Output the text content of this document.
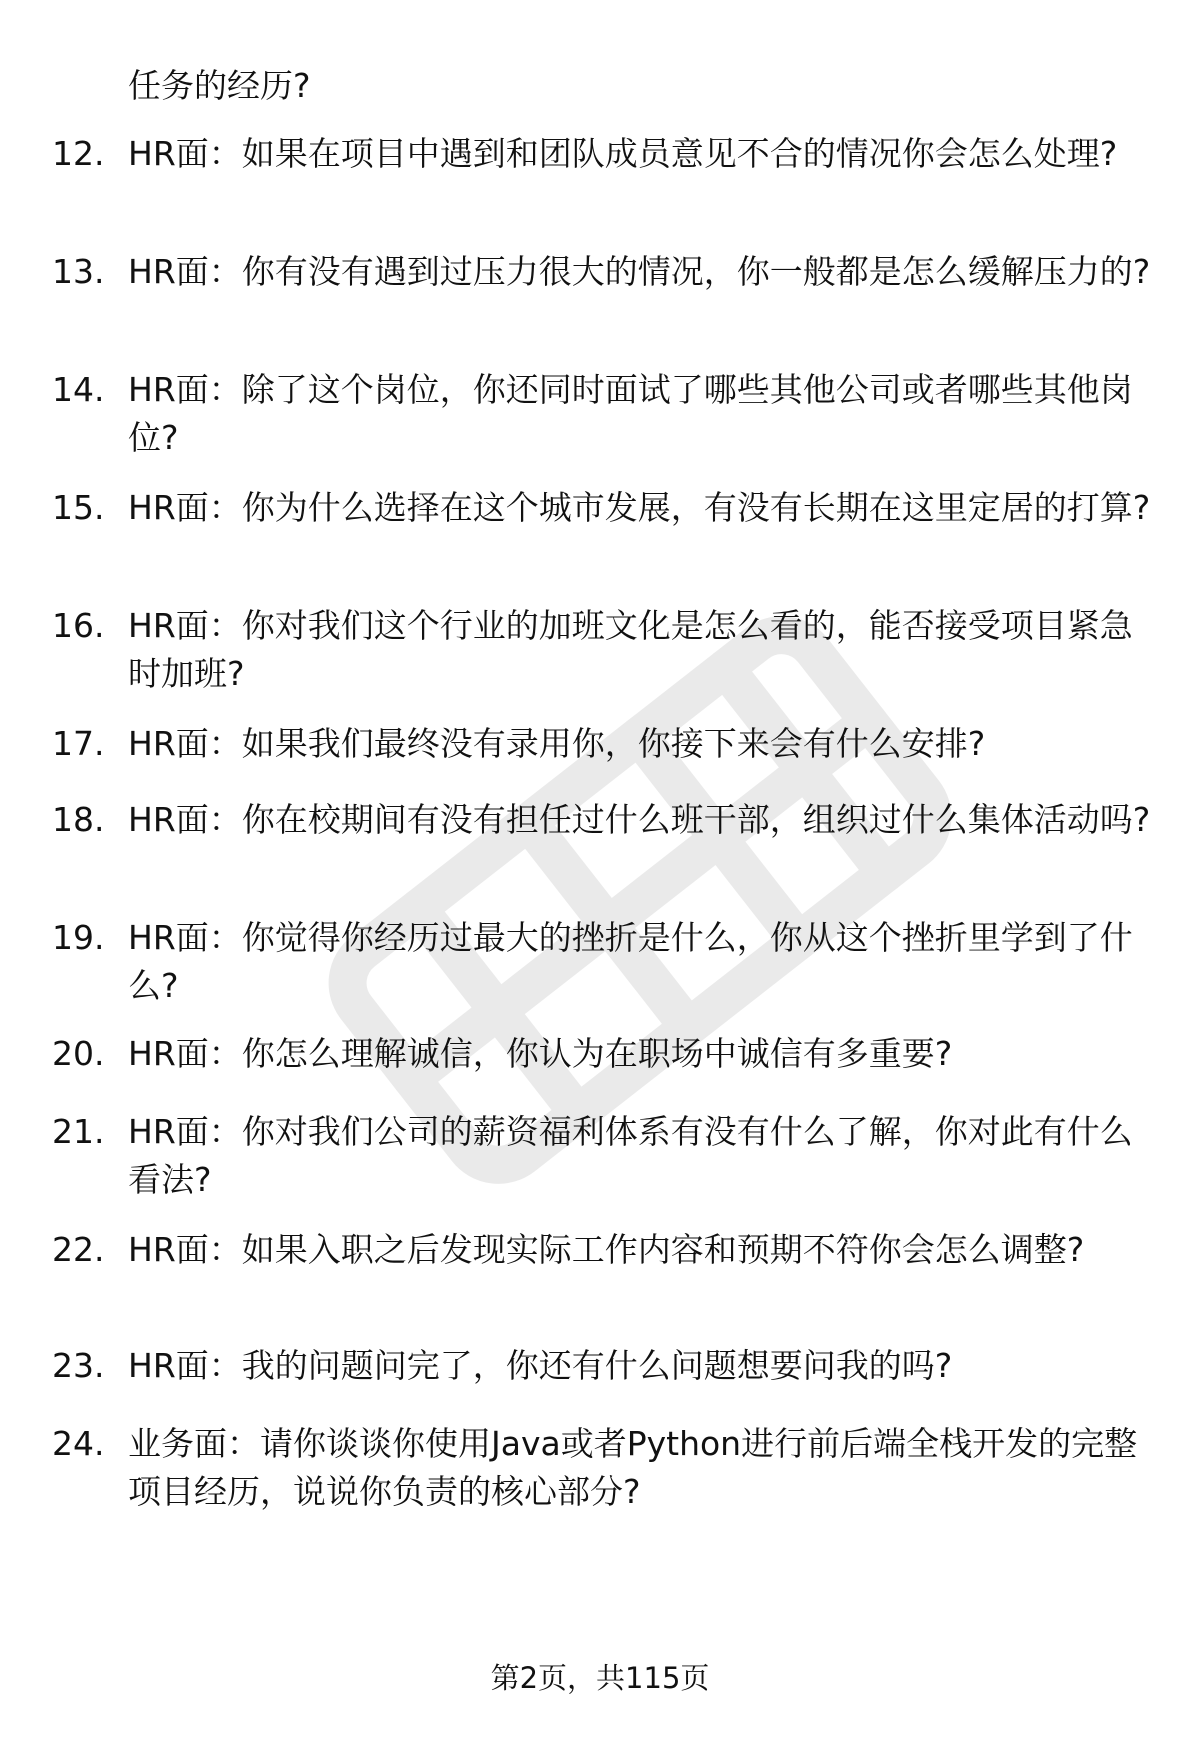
任务的经历?
12. HR面：如果在项目中遇到和团队成员意见不合的情况你会怎么处理?
13. HR面：你有没有遇到过压力很大的情况，你一般都是怎么缓解压力的?
14. HR面：除了这个岗位，你还同时面试了哪些其他公司或者哪些其他岗位?
15. HR面：你为什么选择在这个城市发展，有没有长期在这里定居的打算?
16. HR面：你对我们这个行业的加班文化是怎么看的，能否接受项目紧急时加班?
17. HR面：如果我们最终没有录用你，你接下来会有什么安排?
18. HR面：你在校期间有没有担任过什么班干部，组织过什么集体活动吗?
19. HR面：你觉得你经历过最大的挫折是什么，你从这个挫折里学到了什么?
20. HR面：你怎么理解诚信，你认为在职场中诚信有多重要?
21. HR面：你对我们公司的薪资福利体系有没有什么了解，你对此有什么看法?
22. HR面：如果入职之后发现实际工作内容和预期不符你会怎么调整?
23. HR面：我的问题问完了，你还有什么问题想要问我的吗?
24. 业务面：请你谈谈你使用Java或者Python进行前后端全栈开发的完整项目经历，说说你负责的核心部分?
第2页，共115页
